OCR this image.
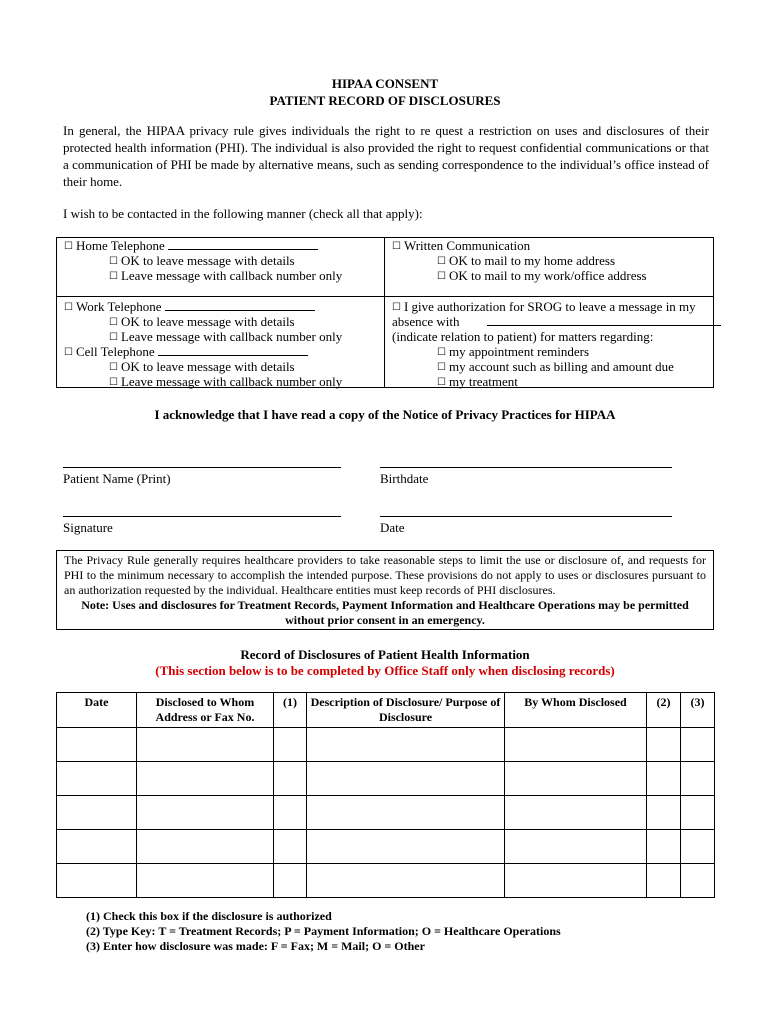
HIPAA CONSENT
PATIENT RECORD OF DISCLOSURES
In general, the HIPAA privacy rule gives individuals the right to re quest a restriction on uses and disclosures of their protected health information (PHI). The individual is also provided the right to request confidential communications or that a communication of PHI be made by alternative means, such as sending correspondence to the individual’s office instead of their home.
I wish to be contacted in the following manner (check all that apply):
☐ Home Telephone
☐ OK to leave message with details
☐ Leave message with callback number only
☐ Written Communication
☐ OK to mail to my home address
☐ OK to mail to my work/office address
☐ Work Telephone
☐ OK to leave message with details
☐ Leave message with callback number only
☐ Cell Telephone
☐ OK to leave message with details
☐ Leave message with callback number only
☐ I give authorization for SROG to leave a message in my
absence with
(indicate relation to patient) for matters regarding:
☐ my appointment reminders
☐ my account such as billing and amount due
☐ my treatment
I acknowledge that I have read a copy of the Notice of Privacy Practices for HIPAA
Patient Name (Print)	Birthdate
Signature	Date
The Privacy Rule generally requires healthcare providers to take reasonable steps to limit the use or disclosure of, and requests for PHI to the minimum necessary to accomplish the intended purpose. These provisions do not apply to uses or disclosures pursuant to an authorization requested by the individual. Healthcare entities must keep records of PHI disclosures.
Note: Uses and disclosures for Treatment Records, Payment Information and Healthcare Operations may be permitted without prior consent in an emergency.
Record of Disclosures of Patient Health Information
(This section below is to be completed by Office Staff only when disclosing records)
Date	Disclosed to Whom Address or Fax No.	(1)	Description of Disclosure/ Purpose of Disclosure	By Whom Disclosed	(2)	(3)

(1) Check this box if the disclosure is authorized
(2) Type Key: T = Treatment Records; P = Payment Information; O = Healthcare Operations
(3) Enter how disclosure was made: F = Fax; M = Mail; O = Other
